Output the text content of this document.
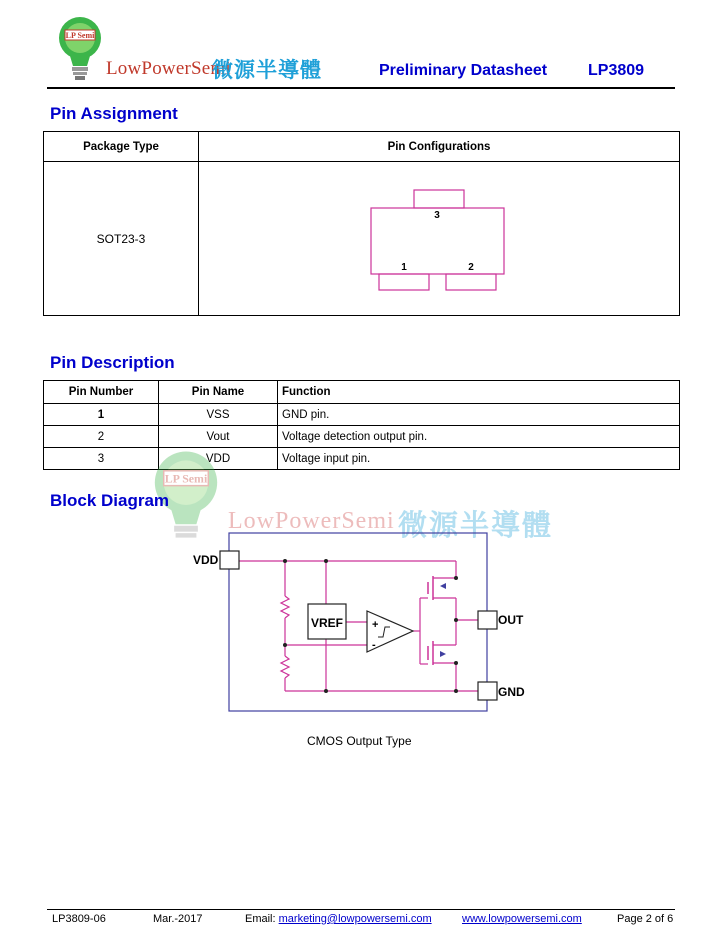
LP Semi
LowPowerSemi
微源半導體	Preliminary Datasheet	LP3809
Pin Assignment
Package Type	Pin Configurations
SOT23-3	3
1 2
Pin Description
Pin Number	Pin Name	Function
1	VSS	GND pin.
2	Vout	Voltage detection output pin.
3	VDD	Voltage input pin.
LP Semi
LowPowerSemi 微源半導體
Block Diagram
VREF	+
-
VDD
OUT
GND
CMOS Output Type
LP3809-06	Mar.-2017	Email: marketing@lowpowersemi.com	www.lowpowersemi.com	Page 2 of 6
